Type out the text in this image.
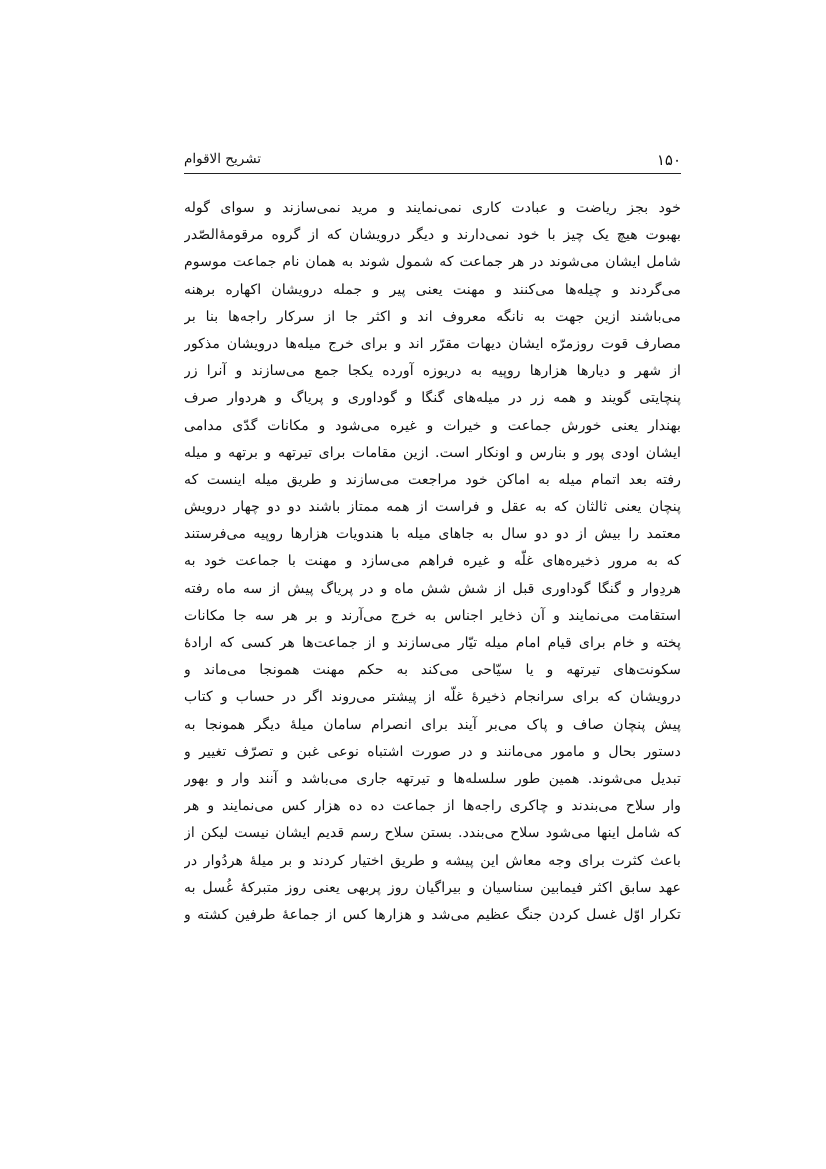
۱۵۰
تشریح الاقوام
خود بجز ریاضت و عبادت کاری نمی‌نمایند و مرید نمی‌سازند و سوای گوله
بهبوت هیچ یک چیز با خود نمی‌دارند و دیگر درویشان که از گروه مرقومۀالصّدر
شامل ایشان می‌شوند در هر جماعت که شمول شوند به همان نام جماعت موسوم
می‌گردند و چیله‌ها می‌کنند و مهنت یعنی پیر و جمله درویشان اکهاره برهنه
می‌باشند ازین جهت به نانگه معروف اند و اکثر جا از سرکار راجه‌ها بنا بر
مصارف قوت روزمرّه ایشان دیهات مقرّر اند و برای خرج میله‌ها درویشان مذکور
از شهر و دیارها هزارها روپیه به دریوزه آورده یکجا جمع می‌سازند و آنرا زر
پنچایتی گویند و همه زر در میله‌های گنگا و گوداوری و پریاگ و هردوار صرف
بهندار یعنی خورش جماعت و خیرات و غیره می‌شود و مکانات گدّی مدامی
ایشان اودی پور و بنارس و اونکار است. ازین مقامات برای تیرتهه و برتهه و میله
رفته بعد اتمام میله به اماکن خود مراجعت می‌سازند و طریق میله اینست که
پنچان یعنی ثالثان که به عقل و فراست از همه ممتاز باشند دو دو چهار درویش
معتمد را بیش از دو دو سال به جاهای میله با هندویات هزارها روپیه می‌فرستند
که به مرور ذخیره‌های غلّه و غیره فراهم می‌سازد و مهنت با جماعت خود به
هردِوار و گنگا گوداوری قبل از شش شش ماه و در پریاگ پیش از سه ماه رفته
استقامت می‌نمایند و آن ذخایر اجناس به خرج می‌آرند و بر هر سه جا مکانات
پخته و خام برای قیام امام میله تیّار می‌سازند و از جماعت‌ها هر کسی که ارادۀ
سکونت‌های تیرتهه و یا سیّاحی می‌کند به حکم مهنت همونجا می‌ماند و
درویشان که برای سرانجام ذخیرۀ غلّه از پیشتر می‌روند اگر در حساب و کتاب
پیش پنچان صاف و پاک می‌بر آیند برای انصرام سامان میلۀ دیگر همونجا به
دستور بحال و مامور می‌مانند و در صورت اشتباه نوعی غبن و تصرّف تغییر و
تبدیل می‌شوند. همین طور سلسله‌ها و تیرتهه جاری می‌باشد و آنند وار و بهور
وار سلاح می‌بندند و چاکری راجه‌ها از جماعت ده ده هزار کس می‌نمایند و هر
که شامل اینها می‌شود سلاح می‌بندد. بستن سلاح رسم قدیم ایشان نیست لیکن از
باعث کثرت برای وجه معاش این پیشه و طریق اختیار کردند و بر میلۀ هردُوار در
عهد سابق اکثر فیمابین سناسیان و بیراگیان روز پربهی یعنی روز متبرکۀ غُسل به
تکرار اوّل غسل کردن جنگ عظیم می‌شد و هزارها کس از جماعۀ طرفین کشته و
